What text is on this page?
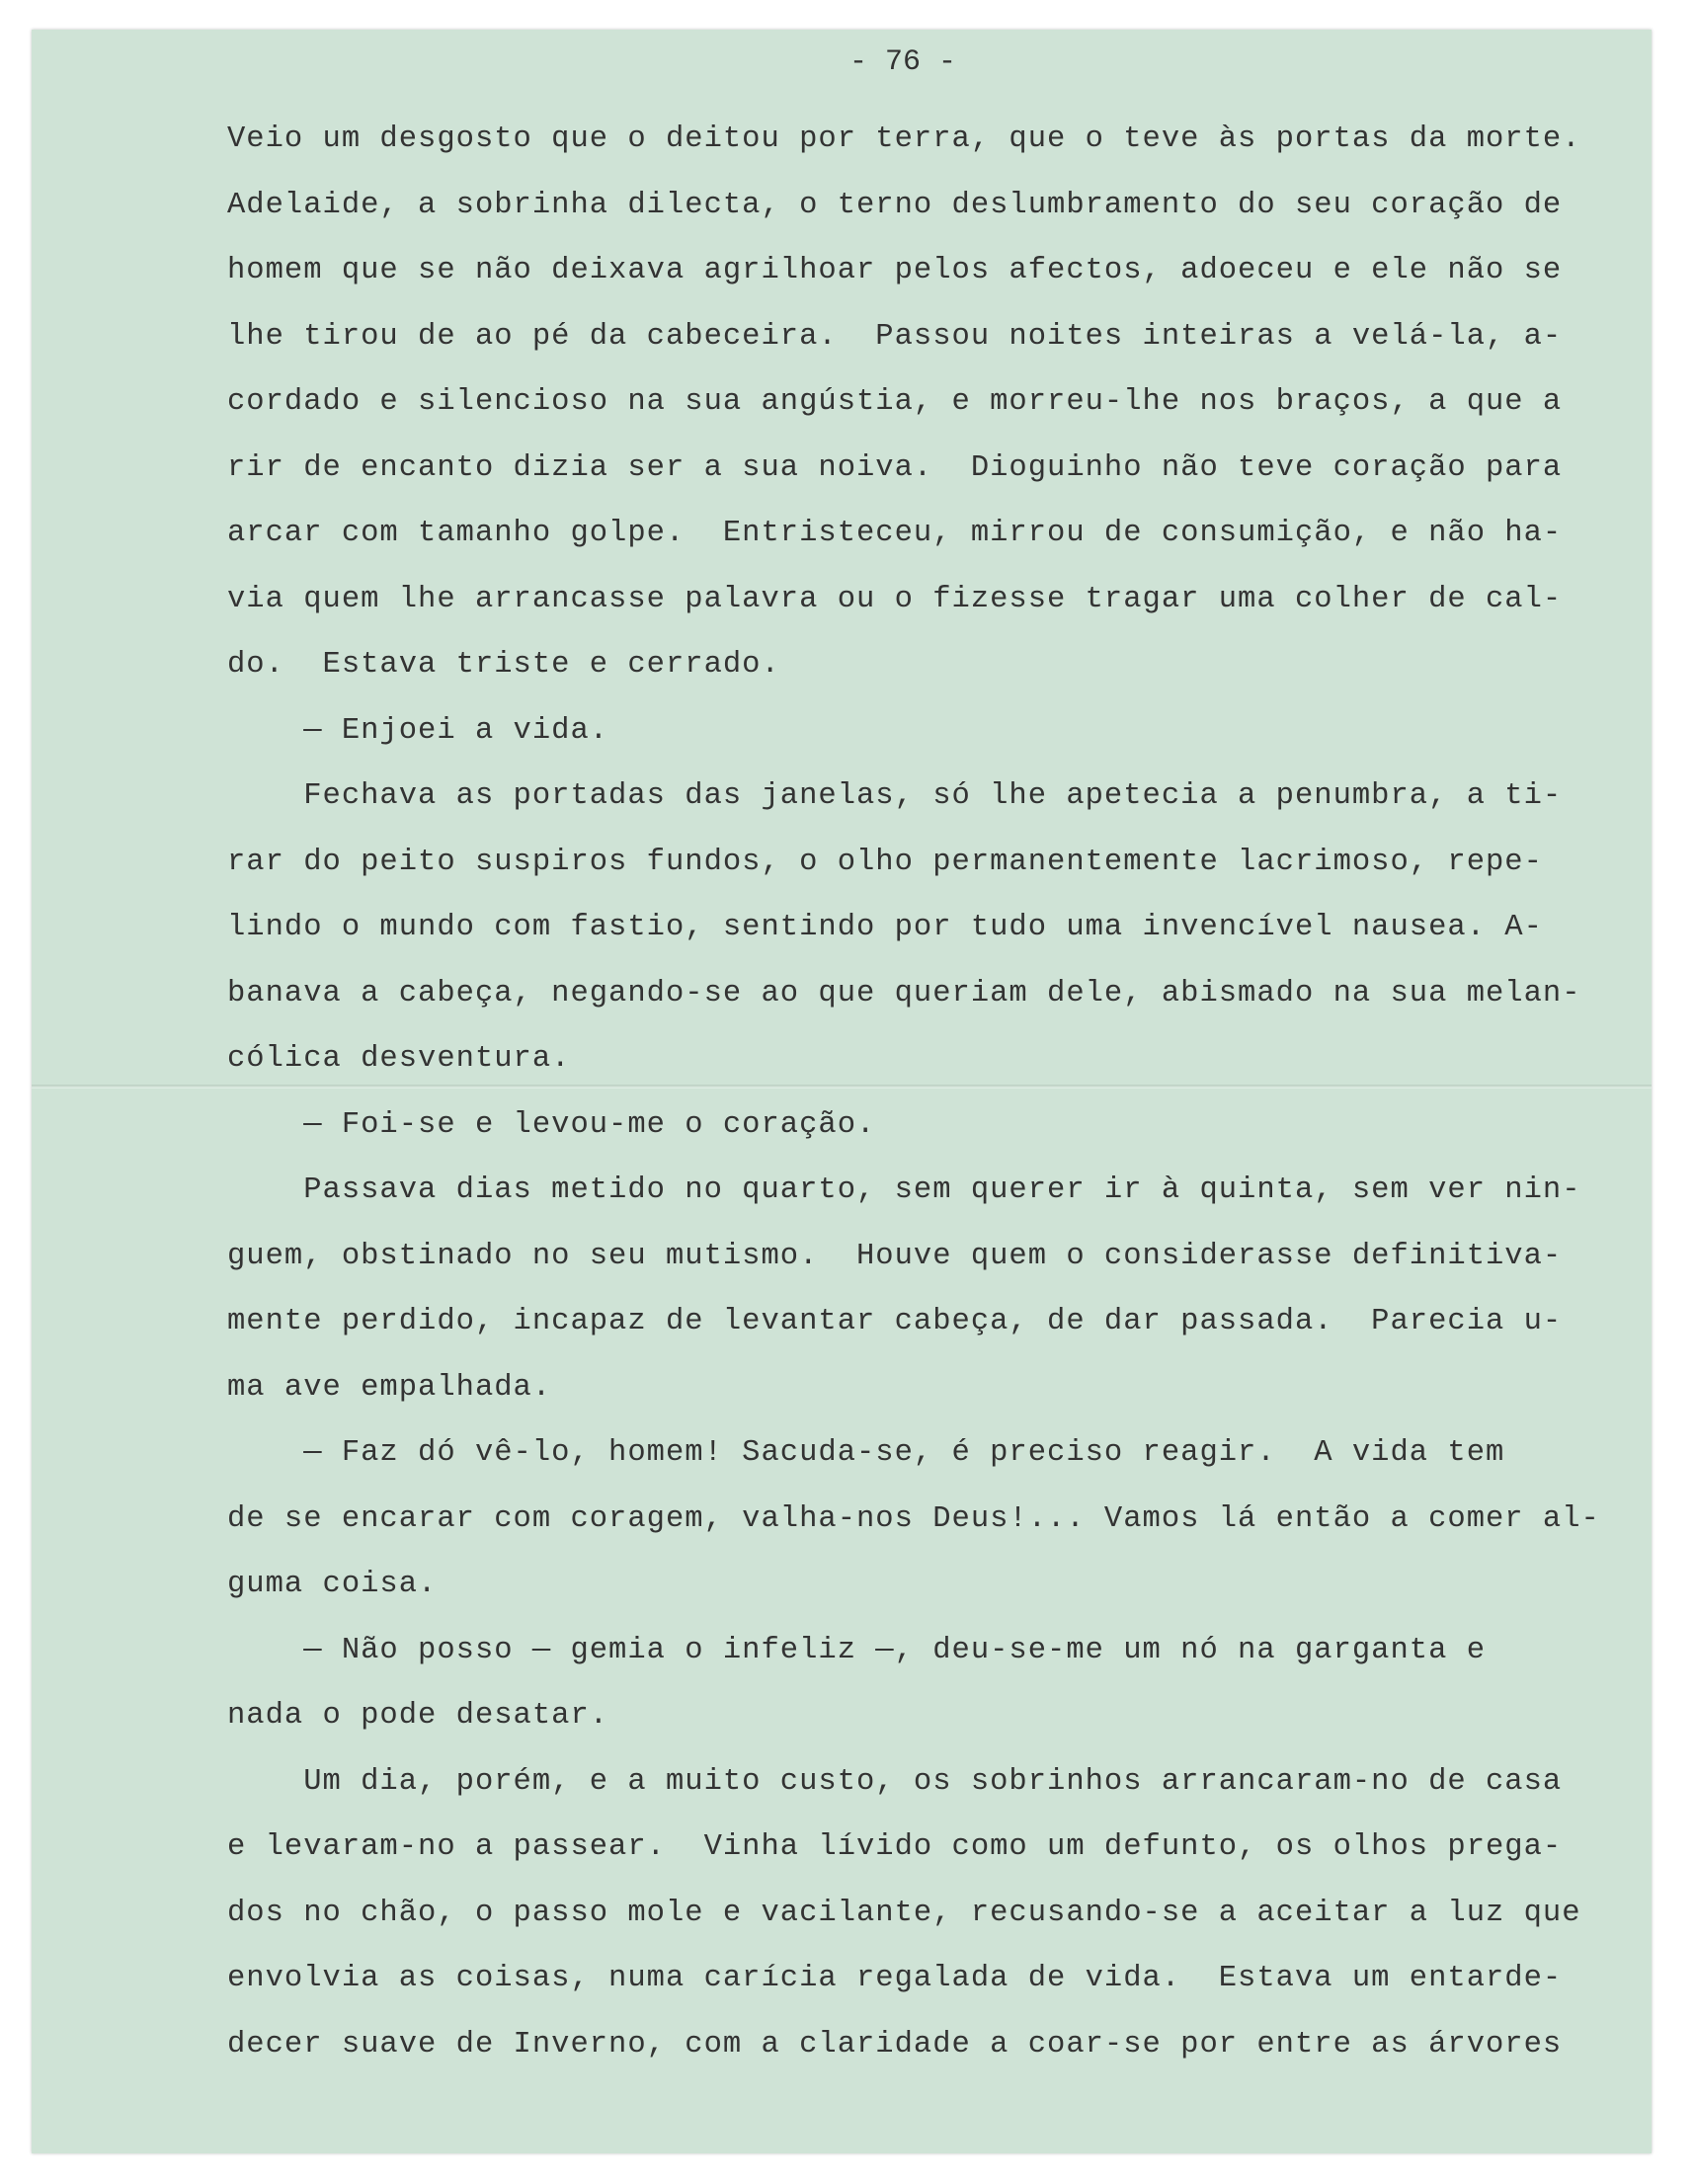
- 76 -
Veio um desgosto que o deitou por terra, que o teve às portas da morte.
Adelaide, a sobrinha dilecta, o terno deslumbramento do seu coração de
homem que se não deixava agrilhoar pelos afectos, adoeceu e ele não se
lhe tirou de ao pé da cabeceira.  Passou noites inteiras a velá-la, a-
cordado e silencioso na sua angústia, e morreu-lhe nos braços, a que a
rir de encanto dizia ser a sua noiva.  Dioguinho não teve coração para
arcar com tamanho golpe.  Entristeceu, mirrou de consumição, e não ha-
via quem lhe arrancasse palavra ou o fizesse tragar uma colher de cal-
do.  Estava triste e cerrado.
— Enjoei a vida.
Fechava as portadas das janelas, só lhe apetecia a penumbra, a ti-
rar do peito suspiros fundos, o olho permanentemente lacrimoso, repe-
lindo o mundo com fastio, sentindo por tudo uma invencível nausea. A-
banava a cabeça, negando-se ao que queriam dele, abismado na sua melan-
cólica desventura.
— Foi-se e levou-me o coração.
Passava dias metido no quarto, sem querer ir à quinta, sem ver nin-
guem, obstinado no seu mutismo.  Houve quem o considerasse definitiva-
mente perdido, incapaz de levantar cabeça, de dar passada.  Parecia u-
ma ave empalhada.
— Faz dó vê-lo, homem! Sacuda-se, é preciso reagir.  A vida tem
de se encarar com coragem, valha-nos Deus!... Vamos lá então a comer al-
guma coisa.
— Não posso — gemia o infeliz —, deu-se-me um nó na garganta e
nada o pode desatar.
Um dia, porém, e a muito custo, os sobrinhos arrancaram-no de casa
e levaram-no a passear.  Vinha lívido como um defunto, os olhos prega-
dos no chão, o passo mole e vacilante, recusando-se a aceitar a luz que
envolvia as coisas, numa carícia regalada de vida.  Estava um entarde-
decer suave de Inverno, com a claridade a coar-se por entre as árvores
